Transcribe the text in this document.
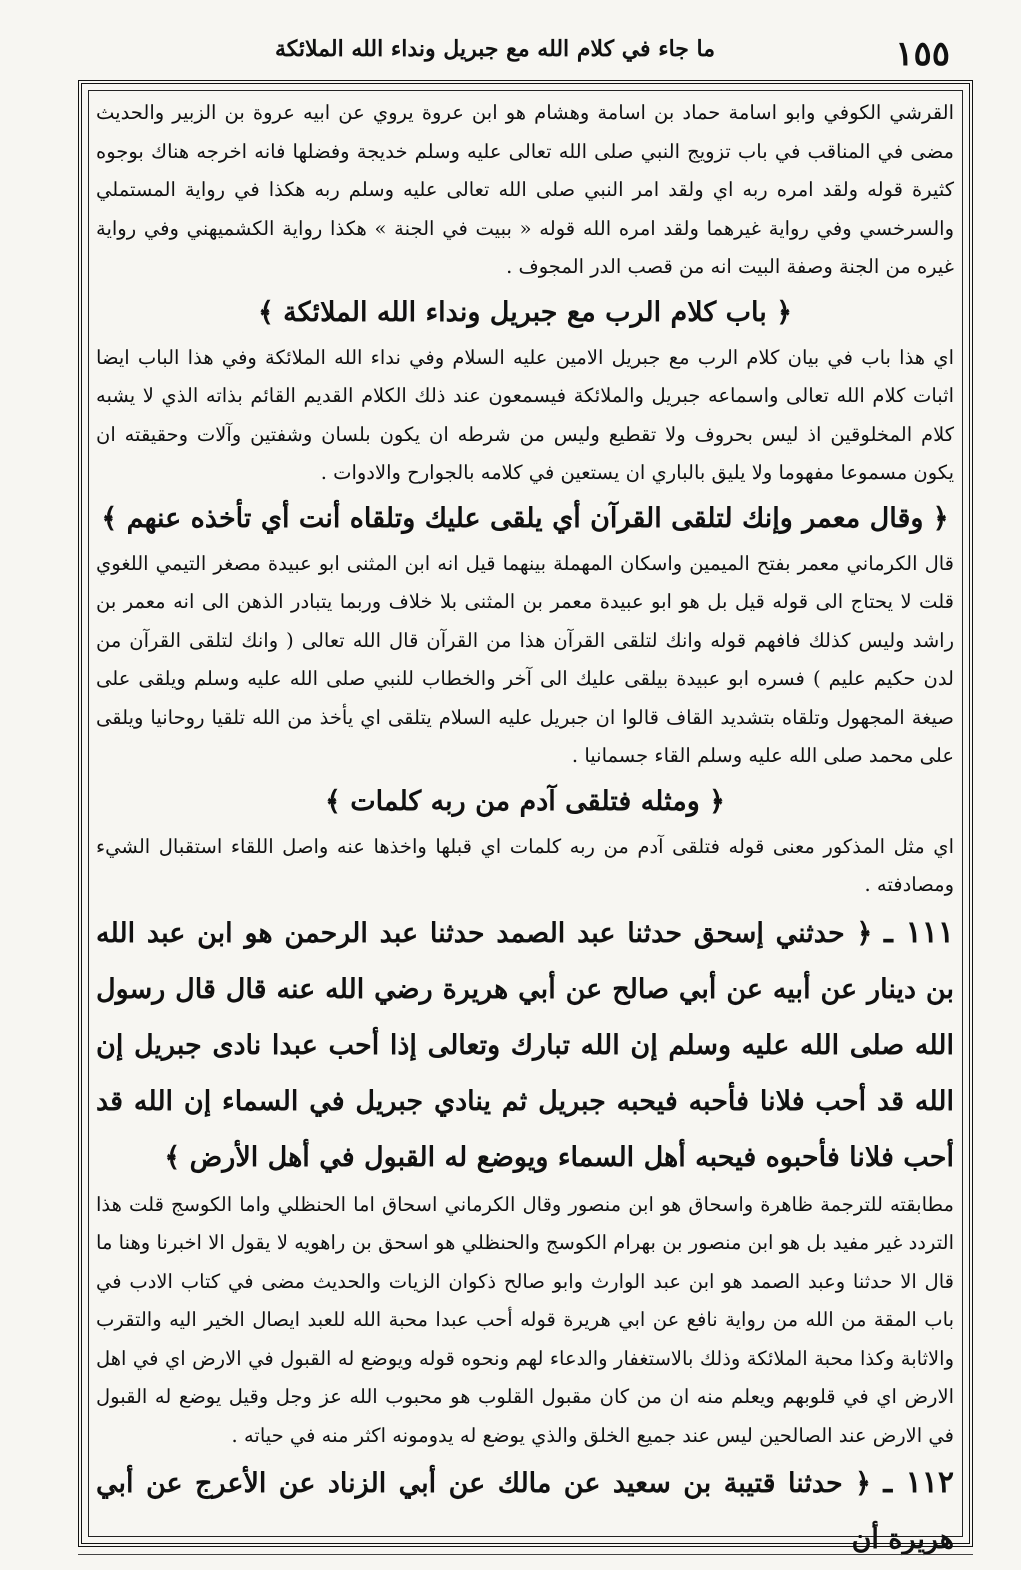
١٥٥
ما جاء في كلام الله مع جبريل ونداء الله الملائكة

القرشي الكوفي وابو اسامة حماد بن اسامة وهشام هو ابن عروة يروي عن ابيه عروة بن الزبير والحديث مضى في المناقب في باب تزويج النبي صلى الله تعالى عليه وسلم خديجة وفضلها فانه اخرجه هناك بوجوه كثيرة قوله ولقد امره ربه اي ولقد امر النبي صلى الله تعالى عليه وسلم ربه هكذا في رواية المستملي والسرخسي وفي رواية غيرهما ولقد امره الله قوله « ببيت في الجنة » هكذا رواية الكشميهني وفي رواية غيره من الجنة وصفة البيت انه من قصب الدر المجوف .

﴿ باب كلام الرب مع جبريل ونداء الله الملائكة ﴾

اي هذا باب في بيان كلام الرب مع جبريل الامين عليه السلام وفي نداء الله الملائكة وفي هذا الباب ايضا اثبات كلام الله تعالى واسماعه جبريل والملائكة فيسمعون عند ذلك الكلام القديم القائم بذاته الذي لا يشبه كلام المخلوقين اذ ليس بحروف ولا تقطيع وليس من شرطه ان يكون بلسان وشفتين وآلات وحقيقته ان يكون مسموعا مفهوما ولا يليق بالباري ان يستعين في كلامه بالجوارح والادوات .

﴿ وقال معمر وإنك لتلقى القرآن أي يلقى عليك وتلقاه أنت أي تأخذه عنهم ﴾

قال الكرماني معمر بفتح الميمين واسكان المهملة بينهما قيل انه ابن المثنى ابو عبيدة مصغر التيمي اللغوي قلت لا يحتاج الى قوله قيل بل هو ابو عبيدة معمر بن المثنى بلا خلاف وربما يتبادر الذهن الى انه معمر بن راشد وليس كذلك فافهم قوله وانك لتلقى القرآن هذا من القرآن قال الله تعالى ( وانك لتلقى القرآن من لدن حكيم عليم ) فسره ابو عبيدة بيلقى عليك الى آخر والخطاب للنبي صلى الله عليه وسلم ويلقى على صيغة المجهول وتلقاه بتشديد القاف قالوا ان جبريل عليه السلام يتلقى اي يأخذ من الله تلقيا روحانيا ويلقى على محمد صلى الله عليه وسلم القاء جسمانيا .

﴿ ومثله فتلقى آدم من ربه كلمات ﴾

اي مثل المذكور معنى قوله فتلقى آدم من ربه كلمات اي قبلها واخذها عنه واصل اللقاء استقبال الشيء ومصادفته .

١١١ ـ ﴿ حدثني إسحق حدثنا عبد الصمد حدثنا عبد الرحمن هو ابن عبد الله بن دينار عن أبيه عن أبي صالح عن أبي هريرة رضي الله عنه قال قال رسول الله صلى الله عليه وسلم إن الله تبارك وتعالى إذا أحب عبدا نادى جبريل إن الله قد أحب فلانا فأحبه فيحبه جبريل ثم ينادي جبريل في السماء إن الله قد أحب فلانا فأحبوه فيحبه أهل السماء ويوضع له القبول في أهل الأرض ﴾

مطابقته للترجمة ظاهرة واسحاق هو ابن منصور وقال الكرماني اسحاق اما الحنظلي واما الكوسج قلت هذا التردد غير مفيد بل هو ابن منصور بن بهرام الكوسج والحنظلي هو اسحق بن راهويه لا يقول الا اخبرنا وهنا ما قال الا حدثنا وعبد الصمد هو ابن عبد الوارث وابو صالح ذكوان الزيات والحديث مضى في كتاب الادب في باب المقة من الله من رواية نافع عن ابي هريرة قوله أحب عبدا محبة الله للعبد ايصال الخير اليه والتقرب والاثابة وكذا محبة الملائكة وذلك بالاستغفار والدعاء لهم ونحوه قوله ويوضع له القبول في الارض اي في اهل الارض اي في قلوبهم ويعلم منه ان من كان مقبول القلوب هو محبوب الله عز وجل وقيل يوضع له القبول في الارض عند الصالحين ليس عند جميع الخلق والذي يوضع له يدومونه اكثر منه في حياته .

١١٢ ـ ﴿ حدثنا قتيبة بن سعيد عن مالك عن أبي الزناد عن الأعرج عن أبي هريرة أن
